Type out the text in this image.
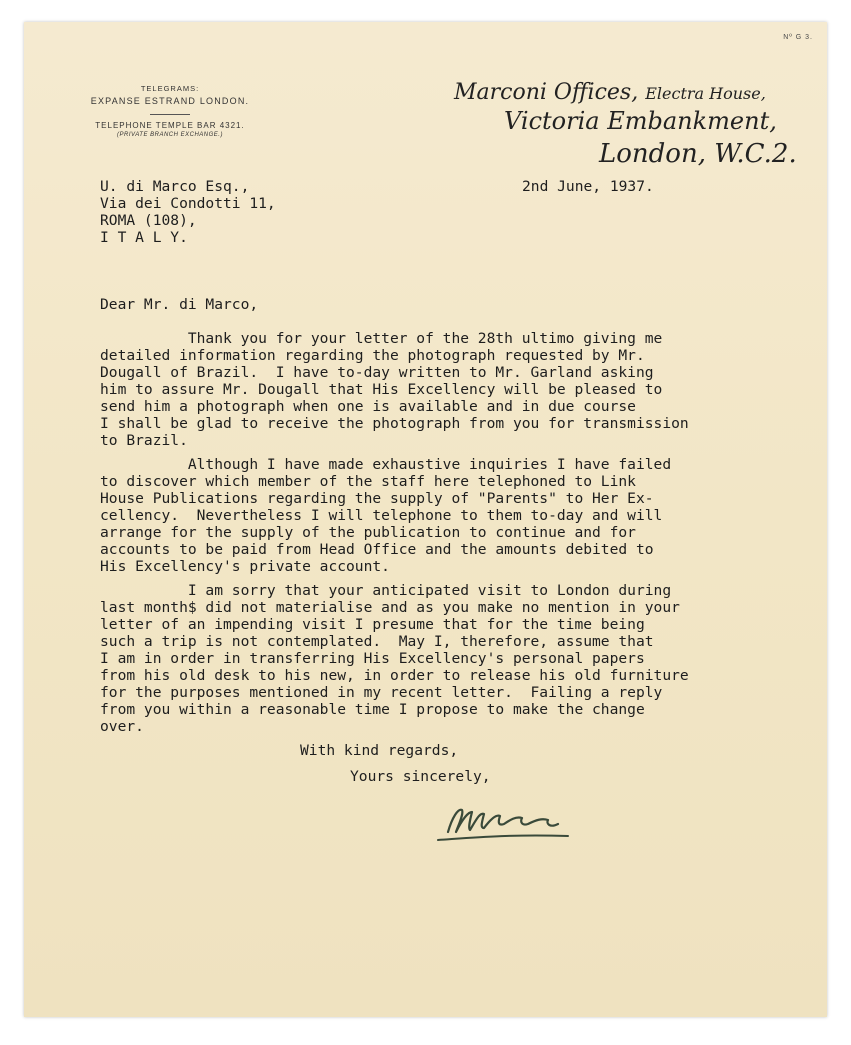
Nº G 3.
TELEGRAMS:
EXPANSE ESTRAND LONDON.
TELEPHONE TEMPLE BAR 4321.
(PRIVATE BRANCH EXCHANGE.)
Marconi Offices, Electra House,
Victoria Embankment,
London, W.C.2.
U. di Marco Esq.,
Via dei Condotti 11,
ROMA (108),
I T A L Y.
2nd June, 1937.
Dear Mr. di Marco,
Thank you for your letter of the 28th ultimo giving me
detailed information regarding the photograph requested by Mr.
Dougall of Brazil.  I have to-day written to Mr. Garland asking
him to assure Mr. Dougall that His Excellency will be pleased to
send him a photograph when one is available and in due course
I shall be glad to receive the photograph from you for transmission
to Brazil.
Although I have made exhaustive inquiries I have failed
to discover which member of the staff here telephoned to Link
House Publications regarding the supply of "Parents" to Her Ex-
cellency.  Nevertheless I will telephone to them to-day and will
arrange for the supply of the publication to continue and for
accounts to be paid from Head Office and the amounts debited to
His Excellency's private account.
I am sorry that your anticipated visit to London during
last month$ did not materialise and as you make no mention in your
letter of an impending visit I presume that for the time being
such a trip is not contemplated.  May I, therefore, assume that
I am in order in transferring His Excellency's personal papers
from his old desk to his new, in order to release his old furniture
for the purposes mentioned in my recent letter.  Failing a reply
from you within a reasonable time I propose to make the change
over.
With kind regards,
Yours sincerely,
